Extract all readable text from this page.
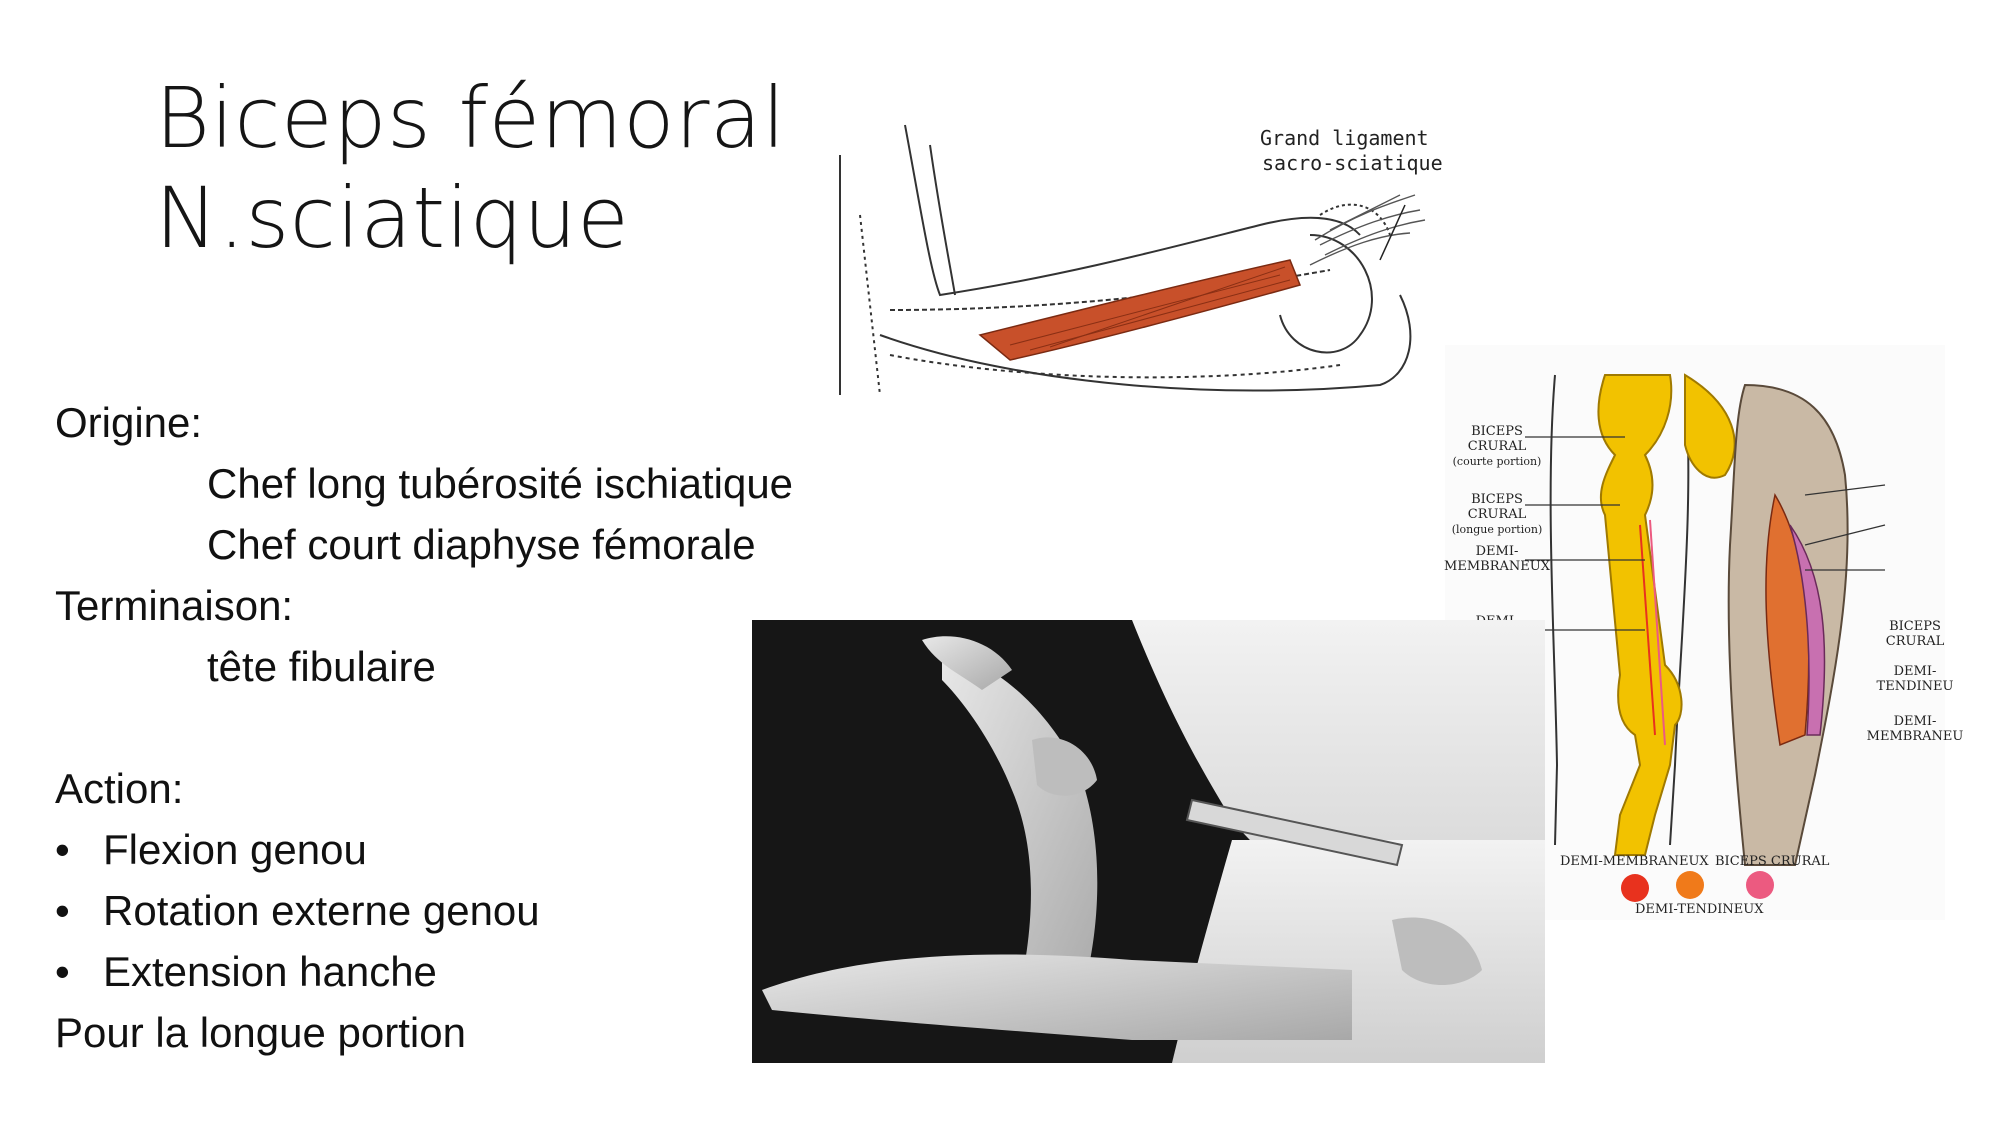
Biceps fémoral
N.sciatique
Origine:
Chef long tubérosité ischiatique
Chef court diaphyse fémorale
Terminaison:
tête fibulaire
Action:
• Flexion genou
• Rotation externe genou
• Extension hanche
Pour la longue portion
Grand ligament
sacro-sciatique
BICEPS
CRURAL
(courte portion)
BICEPS
CRURAL
(longue portion)
DEMI-
MEMBRANEUX
BICEPS
CRURAL
DEMI-
TENDINEU
DEMI-
MEMBRANEU
DEMI-MEMBRANEUX BICEPS CRURAL
DEMI-TENDINEUX
